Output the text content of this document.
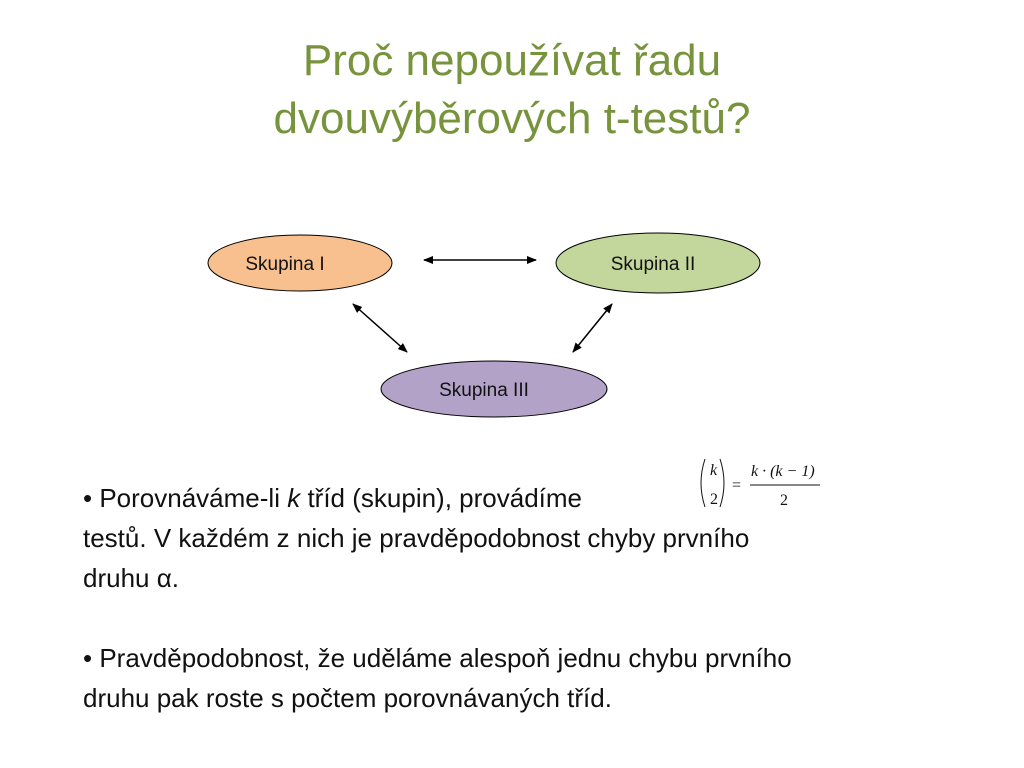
Proč nepoužívat řadu
dvouvýběrových t-testů?
Skupina I	Skupina II
Skupina III
k
2
=
k · (k − 1)
2
• Porovnáváme-li k tříd (skupin), provádíme
testů. V každém z nich je pravděpodobnost chyby prvního
druhu α.
• Pravděpodobnost, že uděláme alespoň jednu chybu prvního
druhu pak roste s počtem porovnávaných tříd.
